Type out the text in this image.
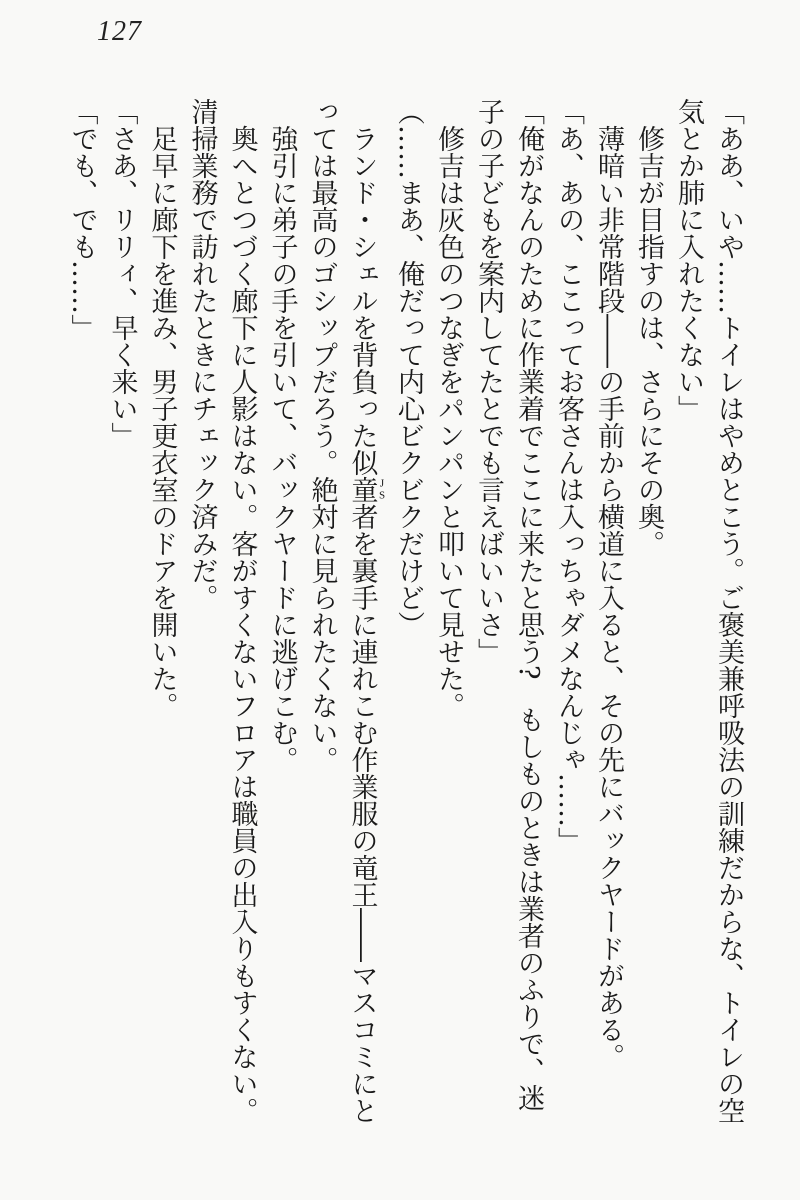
127
「ああ、いや……トイレはやめとこう。ご褒美兼呼吸法の訓練だからな、トイレの空
気とか肺に入れたくない」
修吉が目指すのは、さらにその奥。
薄暗い非常階段――の手前から横道に入ると、その先にバックヤードがある。
「あ、あの、ここってお客さんは入っちゃダメなんじゃ……」
「俺がなんのために作業着でここに来たと思う?　もしものときは業者のふりで、迷
子の子どもを案内してたとでも言えばいいさ」
修吉は灰色のつなぎをパンパンと叩いて見せた。
（……まあ、俺だって内心ビクビクだけど）
ランド・シェルを背負った似童者JSを裏手に連れこむ作業服の竜王――マスコミにと
っては最高のゴシップだろう。絶対に見られたくない。
強引に弟子の手を引いて、バックヤードに逃げこむ。
奥へとつづく廊下に人影はない。客がすくないフロアは職員の出入りもすくない。
清掃業務で訪れたときにチェック済みだ。
足早に廊下を進み、男子更衣室のドアを開いた。
「さあ、リリィ、早く来い」
「でも、でも……」
